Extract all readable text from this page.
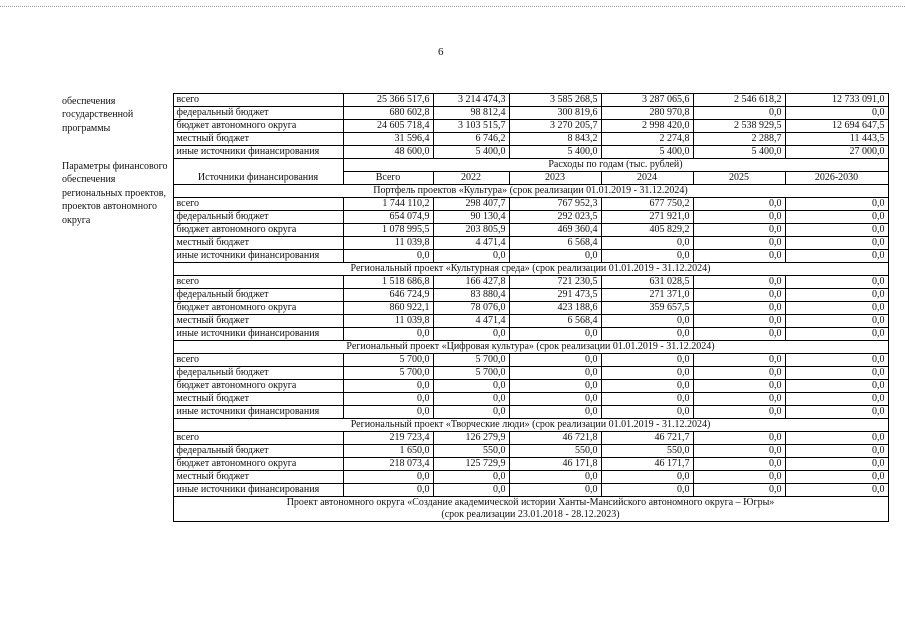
6
обеспечения государственной программы	всего	25 366 517,6	3 214 474,3	3 585 268,5	3 287 065,6	2 546 618,2	12 733 091,0
	федеральный бюджет	680 602,8	98 812,4	300 819,6	280 970,8	0,0	0,0
	бюджет автономного округа	24 605 718,4	3 103 515,7	3 270 205,7	2 998 420,0	2 538 929,5	12 694 647,5
	местный бюджет	31 596,4	6 746,2	8 843,2	2 274,8	2 288,7	11 443,5
	иные источники финансирования	48 600,0	5 400,0	5 400,0	5 400,0	5 400,0	27 000,0
Параметры финансового обеспечения региональных проектов, проектов автономного округа	Источники финансирования	Расходы по годам (тыс. рублей)					
		Всего	2022	2023	2024	2025	2026-2030
	Портфель проектов «Культура» (срок реализации 01.01.2019 - 31.12.2024)						
	всего	1 744 110,2	298 407,7	767 952,3	677 750,2	0,0	0,0
	федеральный бюджет	654 074,9	90 130,4	292 023,5	271 921,0	0,0	0,0
	бюджет автономного округа	1 078 995,5	203 805,9	469 360,4	405 829,2	0,0	0,0
	местный бюджет	11 039,8	4 471,4	6 568,4	0,0	0,0	0,0
	иные источники финансирования	0,0	0,0	0,0	0,0	0,0	0,0
	Региональный проект «Культурная среда» (срок реализации 01.01.2019 - 31.12.2024)						
	всего	1 518 686,8	166 427,8	721 230,5	631 028,5	0,0	0,0
	федеральный бюджет	646 724,9	83 880,4	291 473,5	271 371,0	0,0	0,0
	бюджет автономного округа	860 922,1	78 076,0	423 188,6	359 657,5	0,0	0,0
	местный бюджет	11 039,8	4 471,4	6 568,4	0,0	0,0	0,0
	иные источники финансирования	0,0	0,0	0,0	0,0	0,0	0,0
	Региональный проект «Цифровая культура» (срок реализации 01.01.2019 - 31.12.2024)						
	всего	5 700,0	5 700,0	0,0	0,0	0,0	0,0
	федеральный бюджет	5 700,0	5 700,0	0,0	0,0	0,0	0,0
	бюджет автономного округа	0,0	0,0	0,0	0,0	0,0	0,0
	местный бюджет	0,0	0,0	0,0	0,0	0,0	0,0
	иные источники финансирования	0,0	0,0	0,0	0,0	0,0	0,0
	Региональный проект «Творческие люди» (срок реализации 01.01.2019 - 31.12.2024)						
	всего	219 723,4	126 279,9	46 721,8	46 721,7	0,0	0,0
	федеральный бюджет	1 650,0	550,0	550,0	550,0	0,0	0,0
	бюджет автономного округа	218 073,4	125 729,9	46 171,8	46 171,7	0,0	0,0
	местный бюджет	0,0	0,0	0,0	0,0	0,0	0,0
	иные источники финансирования	0,0	0,0	0,0	0,0	0,0	0,0

	Проект автономного округа «Создание академической истории Ханты-Мансийского автономного округа – Югры»
(срок реализации 23.01.2018 - 28.12.2023)						
